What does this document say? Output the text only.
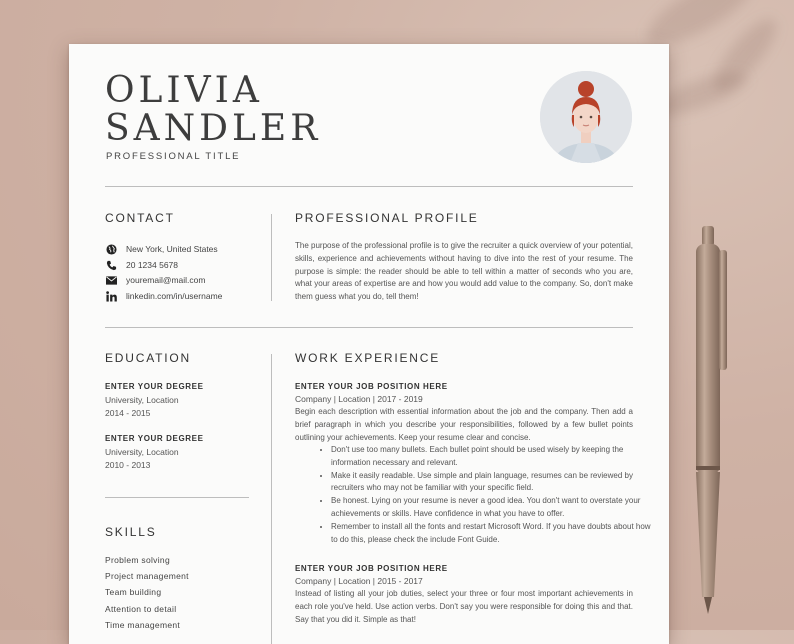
OLIVIA
SANDLER
PROFESSIONAL TITLE
CONTACT
New York, United States
20 1234 5678
youremail@mail.com
linkedin.com/in/username
PROFESSIONAL PROFILE
The purpose of the professional profile is to give the recruiter a quick overview of your potential, skills, experience and achievements without having to dive into the rest of your resume. The purpose is simple: the reader should be able to tell within a matter of seconds who you are, what your areas of expertise are and how you would add value to the company. So, don't make them guess what you do, tell them!
EDUCATION
ENTER YOUR DEGREE
University, Location
2014 - 2015
ENTER YOUR DEGREE
University, Location
2010 - 2013
SKILLS
Problem solving
Project management
Team building
Attention to detail
Time management
WORK EXPERIENCE
ENTER YOUR JOB POSITION HERE
Company | Location | 2017 - 2019
Begin each description with essential information about the job and the company. Then add a brief paragraph in which you describe your responsibilities, followed by a few bullet points outlining your achievements. Keep your resume clear and concise.
• Don't use too many bullets. Each bullet point should be used wisely by keeping the information necessary and relevant.
• Make it easily readable. Use simple and plain language, resumes can be reviewed by recruiters who may not be familiar with your specific field.
• Be honest. Lying on your resume is never a good idea. You don't want to overstate your achievements or skills. Have confidence in what you have to offer.
• Remember to install all the fonts and restart Microsoft Word. If you have doubts about how to do this, please check the include Font Guide.
ENTER YOUR JOB POSITION HERE
Company | Location | 2015 - 2017
Instead of listing all your job duties, select your three or four most important achievements in each role you've held. Use action verbs. Don't say you were responsible for doing this and that. Say that you did it. Simple as that!
